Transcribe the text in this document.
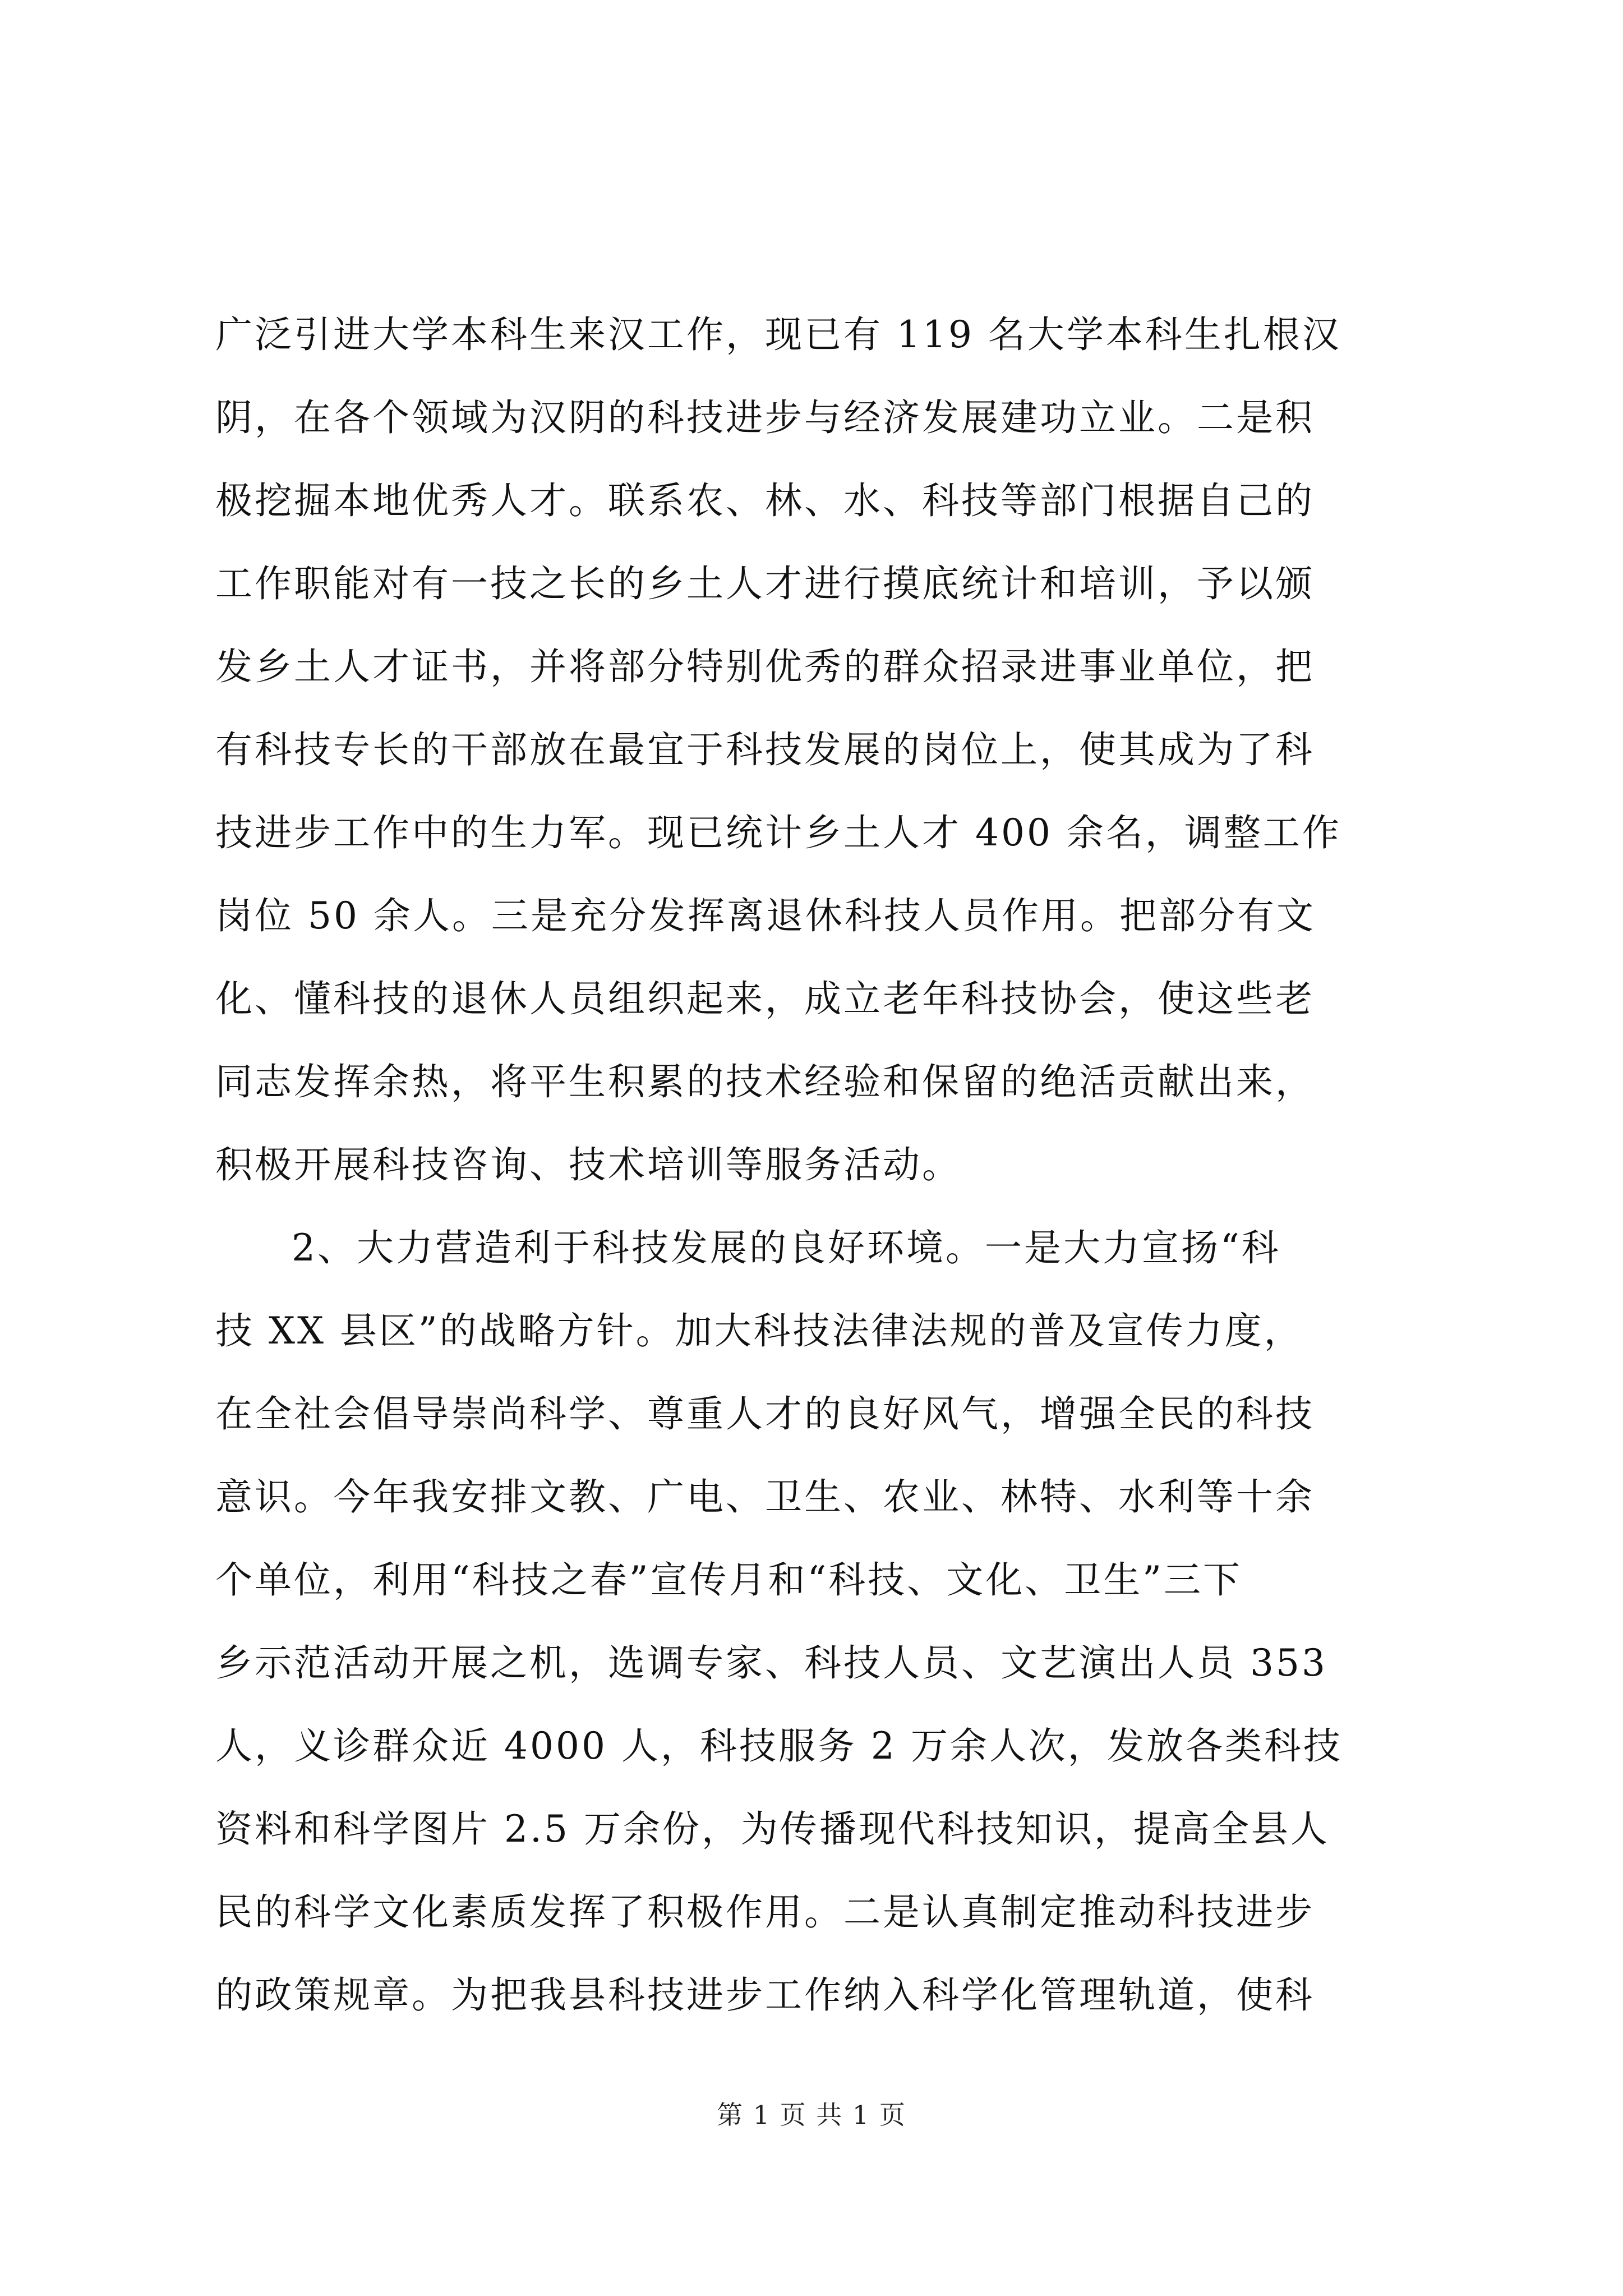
广泛引进大学本科生来汉工作，现已有 119 名大学本科生扎根汉
阴，在各个领域为汉阴的科技进步与经济发展建功立业。二是积
极挖掘本地优秀人才。联系农、林、水、科技等部门根据自己的
工作职能对有一技之长的乡土人才进行摸底统计和培训，予以颁
发乡土人才证书，并将部分特别优秀的群众招录进事业单位，把
有科技专长的干部放在最宜于科技发展的岗位上，使其成为了科
技进步工作中的生力军。现已统计乡土人才 400 余名，调整工作
岗位 50 余人。三是充分发挥离退休科技人员作用。把部分有文
化、懂科技的退休人员组织起来，成立老年科技协会，使这些老
同志发挥余热，将平生积累的技术经验和保留的绝活贡献出来，
积极开展科技咨询、技术培训等服务活动。
2、大力营造利于科技发展的良好环境。一是大力宣扬“科
技 XX 县区”的战略方针。加大科技法律法规的普及宣传力度，
在全社会倡导崇尚科学、尊重人才的良好风气，增强全民的科技
意识。今年我安排文教、广电、卫生、农业、林特、水利等十余
个单位，利用“科技之春”宣传月和“科技、文化、卫生”三下
乡示范活动开展之机，选调专家、科技人员、文艺演出人员 353
人，义诊群众近 4000 人，科技服务 2 万余人次，发放各类科技
资料和科学图片 2.5 万余份，为传播现代科技知识，提高全县人
民的科学文化素质发挥了积极作用。二是认真制定推动科技进步
的政策规章。为把我县科技进步工作纳入科学化管理轨道，使科
第 1 页 共 1 页
